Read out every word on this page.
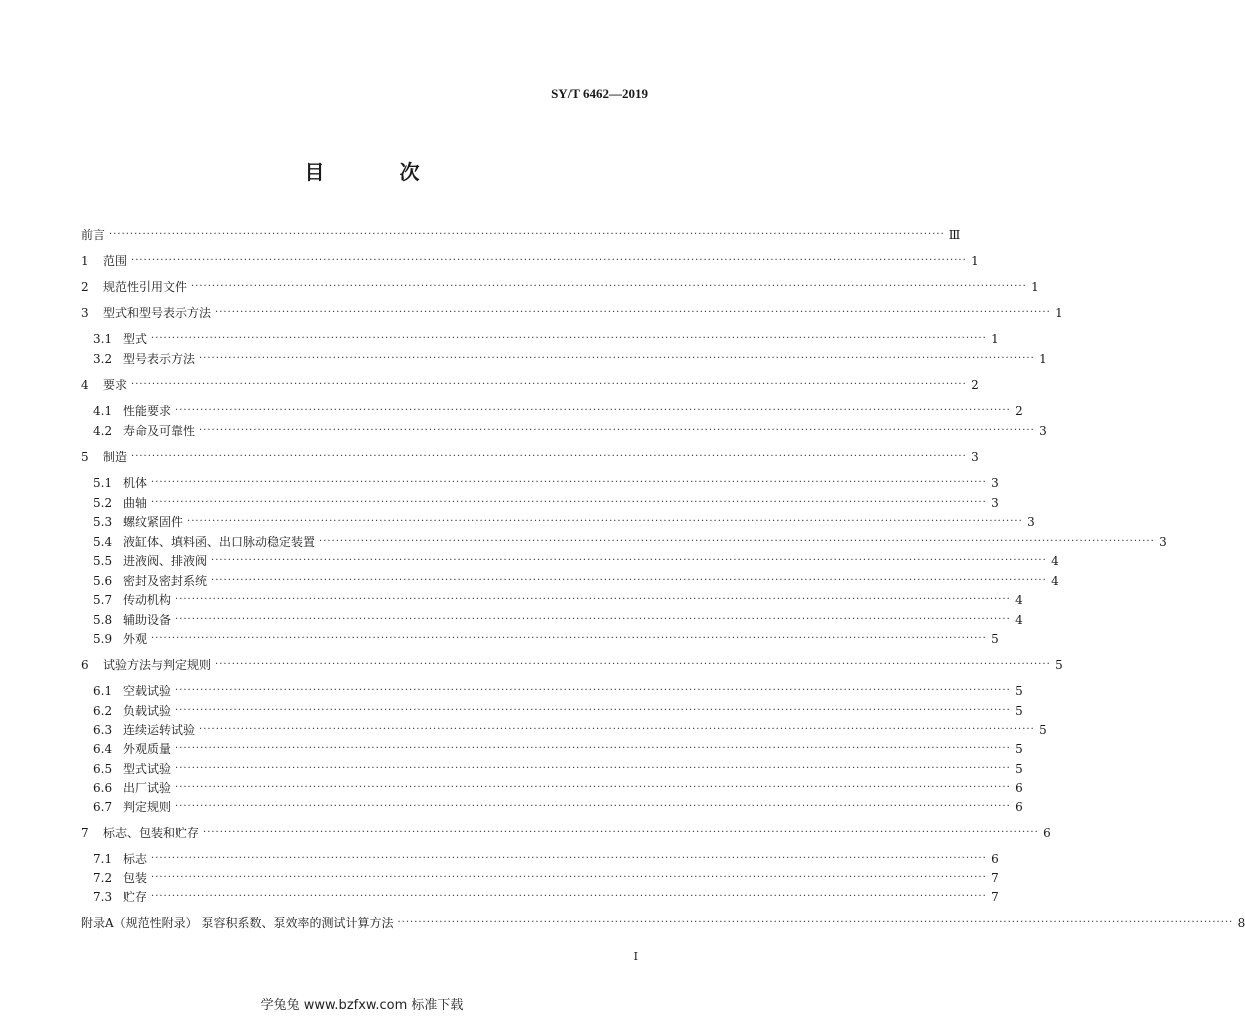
SY/T 6462—2019
目 次
前言 ········································································································································································································ Ⅲ
1	范围 ········································································································································································································ 1
2	规范性引用文件 ········································································································································································································ 1
3	型式和型号表示方法 ········································································································································································································ 1
3.1 型式 ········································································································································································································ 1
3.2 型号表示方法 ········································································································································································································ 1
4	要求 ········································································································································································································ 2
4.1 性能要求 ········································································································································································································ 2
4.2 寿命及可靠性 ········································································································································································································ 3
5	制造 ········································································································································································································ 3
5.1 机体 ········································································································································································································ 3
5.2 曲轴 ········································································································································································································ 3
5.3 螺纹紧固件 ········································································································································································································ 3
5.4 液缸体、填料函、出口脉动稳定装置 ········································································································································································································ 3
5.5 进液阀、排液阀 ········································································································································································································ 4
5.6 密封及密封系统 ········································································································································································································ 4
5.7 传动机构 ········································································································································································································ 4
5.8 辅助设备 ········································································································································································································ 4
5.9 外观 ········································································································································································································ 5
6	试验方法与判定规则 ········································································································································································································ 5
6.1 空载试验 ········································································································································································································ 5
6.2 负载试验 ········································································································································································································ 5
6.3 连续运转试验 ········································································································································································································ 5
6.4 外观质量 ········································································································································································································ 5
6.5 型式试验 ········································································································································································································ 5
6.6 出厂试验 ········································································································································································································ 6
6.7 判定规则 ········································································································································································································ 6
7	标志、包装和贮存 ········································································································································································································ 6
7.1 标志 ········································································································································································································ 6
7.2 包装 ········································································································································································································ 7
7.3 贮存 ········································································································································································································ 7
附录A（规范性附录） 泵容积系数、泵效率的测试计算方法 ········································································································································································································ 8
Ⅰ
学兔兔 www.bzfxw.com 标准下载
